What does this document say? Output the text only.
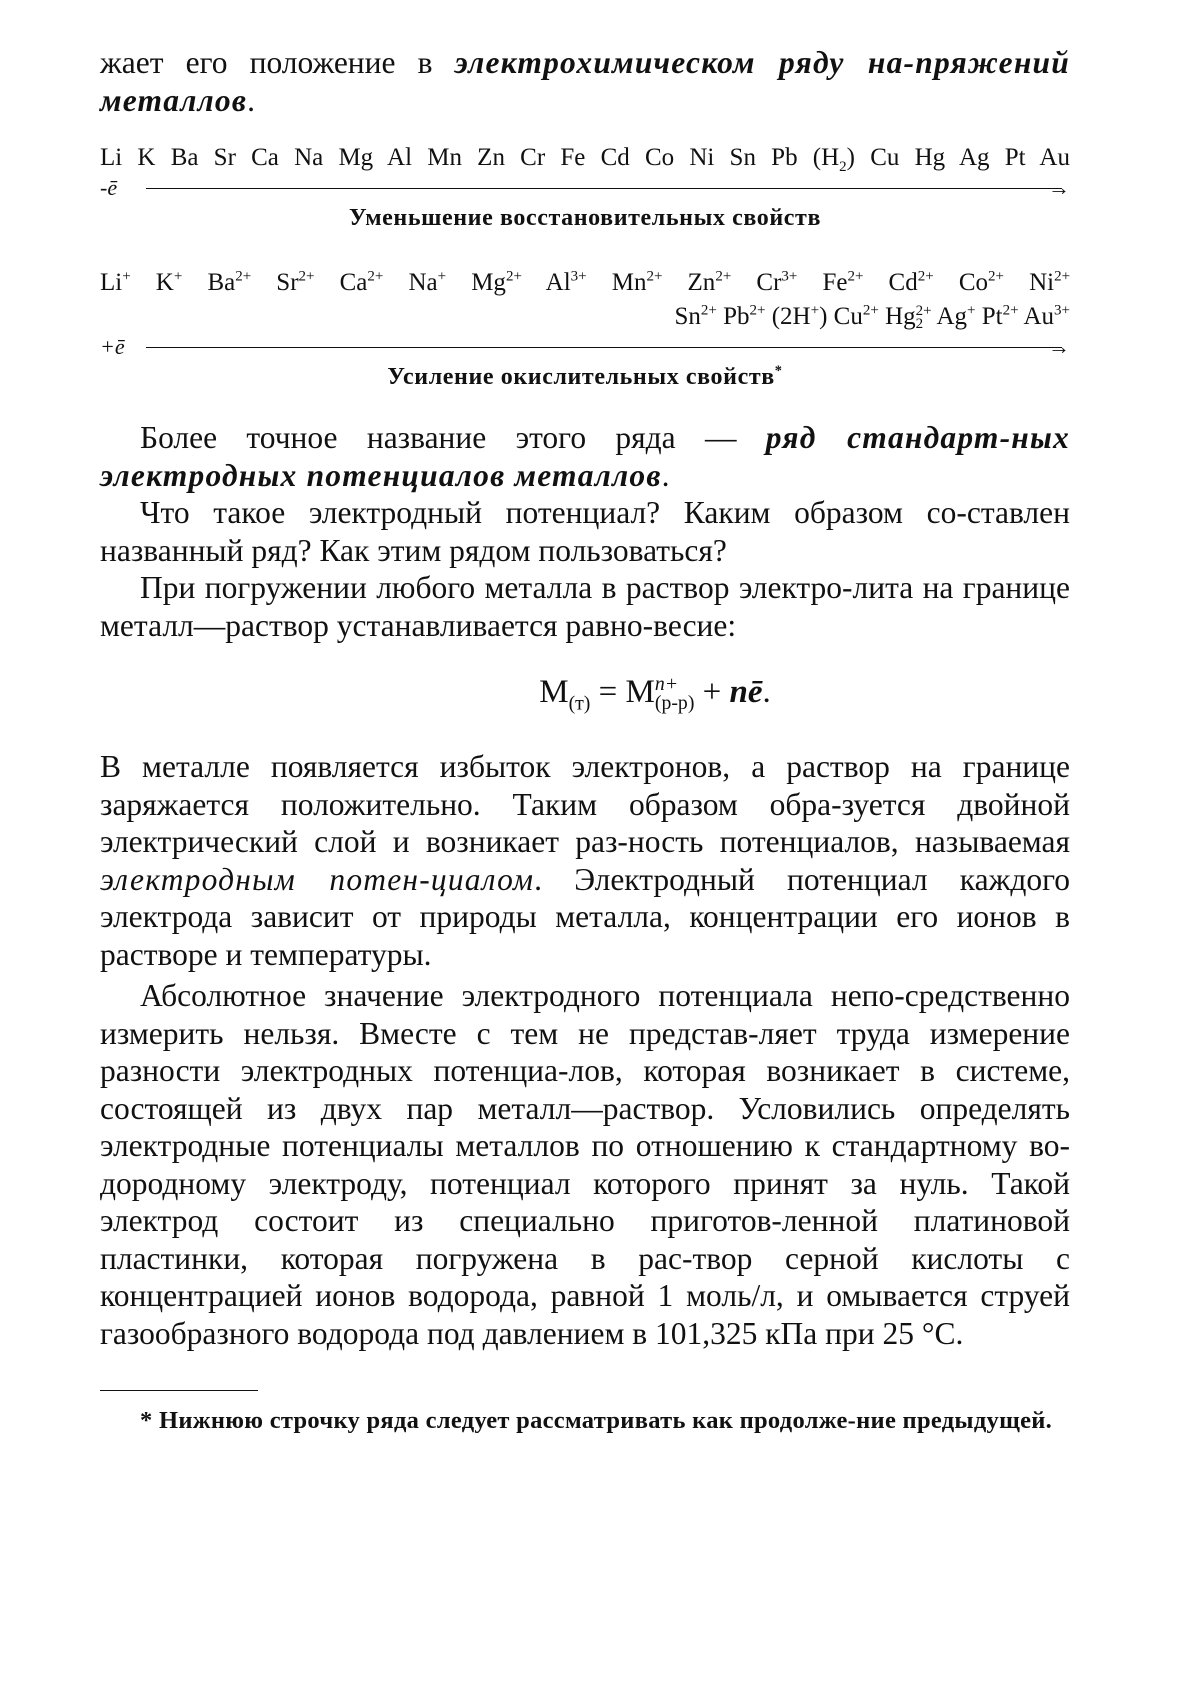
жает его положение в электрохимическом ряду на-пряжений металлов.

Li K Ba Sr Ca Na Mg Al Mn Zn Cr Fe Cd Co Ni Sn Pb $(H_2)$ Cu Hg Ag Pt Au
-ē	→
Уменьшение восстановительных свойств
Li+ K+ $Ba^{2+}$ $Sr^{2+}$ $Ca^{2+}$ Na+ $Mg^{2+}$ $Al^{3+}$ $Mn^{2+}$ $Zn^{2+}$ $Cr^{3+}$ $Fe^{2+}$ $Cd^{2+}$ $Co^{2+}$ $Ni^{2+}$
$Sn^{2+}$ $Pb^{2+}$ (2H+) $Cu^{2+}$ Hg 2+
2 Ag+ $Pt^{2+}$ $Au^{3+}$
+ē	→
Усиление окислительных свойств*

Более точное название этого ряда — ряд стандарт-ных электродных потенциалов металлов.

Что такое электродный потенциал? Каким образом со-ставлен названный ряд? Как этим рядом пользоваться?

При погружении любого металла в раствор электро-лита на границе металл—раствор устанавливается равно-весие:

$M_{(т)} = M$ n+
(р-р) + nē.

В металле появляется избыток электронов, а раствор на границе заряжается положительно. Таким образом обра-зуется двойной электрический слой и возникает раз-ность потенциалов, называемая электродным потен-циалом. Электродный потенциал каждого электрода зависит от природы металла, концентрации его ионов в растворе и температуры.

Абсолютное значение электродного потенциала непо-средственно измерить нельзя. Вместе с тем не представ-ляет труда измерение разности электродных потенциа-лов, которая возникает в системе, состоящей из двух пар металл—раствор. Условились определять электродные потенциалы металлов по отношению к стандартному во-дородному электроду, потенциал которого принят за нуль. Такой электрод состоит из специально приготов-ленной платиновой пластинки, которая погружена в рас-твор серной кислоты с концентрацией ионов водорода, равной 1 моль/л, и омывается струей газообразного водорода под давлением в 101,325 кПа при 25 °С.

* Нижнюю строчку ряда следует рассматривать как продолже-ние предыдущей.
